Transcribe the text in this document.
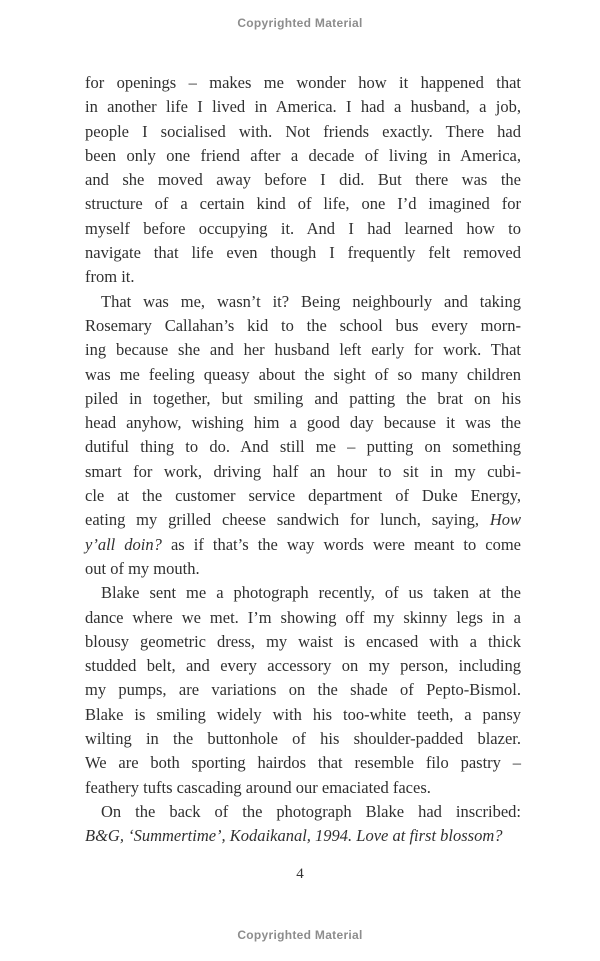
Copyrighted Material
for openings – makes me wonder how it happened that
in another life I lived in America. I had a husband, a job,
people I socialised with. Not friends exactly. There had
been only one friend after a decade of living in America,
and she moved away before I did. But there was the
structure of a certain kind of life, one I’d imagined for
myself before occupying it. And I had learned how to
navigate that life even though I frequently felt removed
from it.
That was me, wasn’t it? Being neighbourly and taking
Rosemary Callahan’s kid to the school bus every morn-
ing because she and her husband left early for work. That
was me feeling queasy about the sight of so many children
piled in together, but smiling and patting the brat on his
head anyhow, wishing him a good day because it was the
dutiful thing to do. And still me – putting on something
smart for work, driving half an hour to sit in my cubi-
cle at the customer service department of Duke Energy,
eating my grilled cheese sandwich for lunch, saying, How
y’all doin? as if that’s the way words were meant to come
out of my mouth.
Blake sent me a photograph recently, of us taken at the
dance where we met. I’m showing off my skinny legs in a
blousy geometric dress, my waist is encased with a thick
studded belt, and every accessory on my person, including
my pumps, are variations on the shade of Pepto-Bismol.
Blake is smiling widely with his too-white teeth, a pansy
wilting in the buttonhole of his shoulder-padded blazer.
We are both sporting hairdos that resemble filo pastry –
feathery tufts cascading around our emaciated faces.
On the back of the photograph Blake had inscribed:
B&G, ‘Summertime’, Kodaikanal, 1994. Love at first blossom?
4
Copyrighted Material
